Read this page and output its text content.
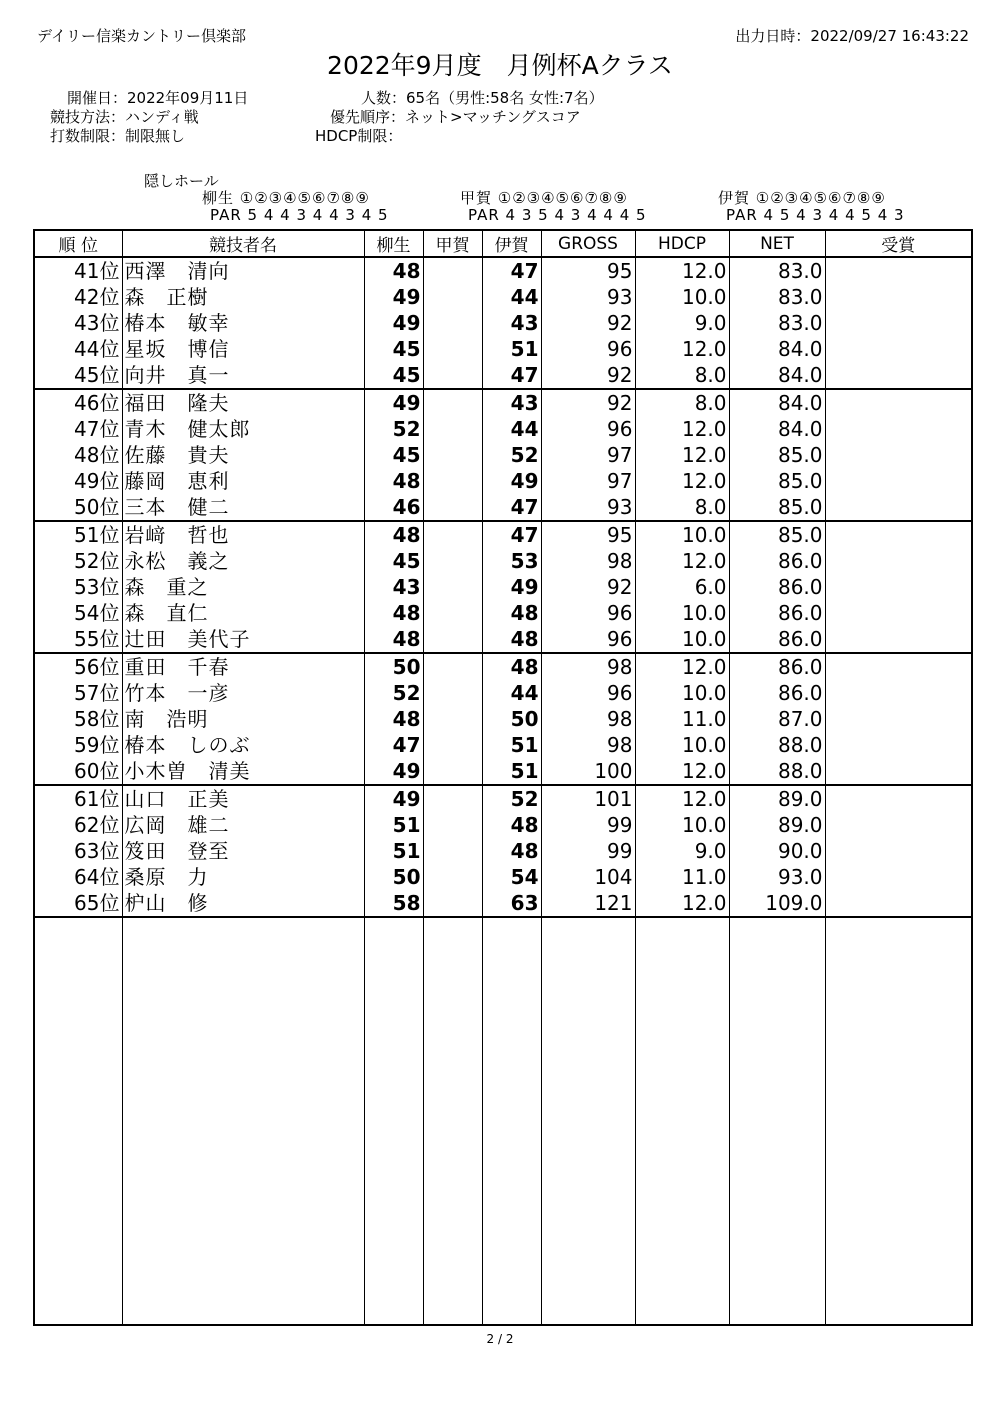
デイリー信楽カントリー倶楽部	出力日時：2022/09/27 16:43:22
2022年9月度　月例杯Aクラス
開催日：2022年09月11日	人数：65名（男性:58名 女性:7名）
競技方法：ハンディ戦	優先順序：ネット>マッチングスコア
打数制限：制限無し	HDCP制限：
隠しホール
柳生 ①②③④⑤⑥⑦⑧⑨
PAR 5 4 4 3 4 4 3 4 5
甲賀 ①②③④⑤⑥⑦⑧⑨
PAR 4 3 5 4 3 4 4 4 5
伊賀 ①②③④⑤⑥⑦⑧⑨
PAR 4 5 4 3 4 4 5 4 3
順 位	競技者名	柳生	甲賀	伊賀	GROSS	HDCP	NET	受賞
41位	西澤　清向	48		47	95	12.0	83.0	
42位	森　正樹	49		44	93	10.0	83.0	
43位	椿本　敏幸	49		43	92	9.0	83.0	
44位	星坂　博信	45		51	96	12.0	84.0	
45位	向井　真一	45		47	92	8.0	84.0	
46位	福田　隆夫	49		43	92	8.0	84.0	
47位	青木　健太郎	52		44	96	12.0	84.0	
48位	佐藤　貴夫	45		52	97	12.0	85.0	
49位	藤岡　恵利	48		49	97	12.0	85.0	
50位	三本　健二	46		47	93	8.0	85.0	
51位	岩﨑　哲也	48		47	95	10.0	85.0	
52位	永松　義之	45		53	98	12.0	86.0	
53位	森　重之	43		49	92	6.0	86.0	
54位	森　直仁	48		48	96	10.0	86.0	
55位	辻田　美代子	48		48	96	10.0	86.0	
56位	重田　千春	50		48	98	12.0	86.0	
57位	竹本　一彦	52		44	96	10.0	86.0	
58位	南　浩明	48		50	98	11.0	87.0	
59位	椿本　しのぶ	47		51	98	10.0	88.0	
60位	小木曽　清美	49		51	100	12.0	88.0	
61位	山口　正美	49		52	101	12.0	89.0	
62位	広岡　雄二	51		48	99	10.0	89.0	
63位	笈田　登至	51		48	99	9.0	90.0	
64位	桑原　力	50		54	104	11.0	93.0	
65位	枦山　修	58		63	121	12.0	109.0	

2 / 2
